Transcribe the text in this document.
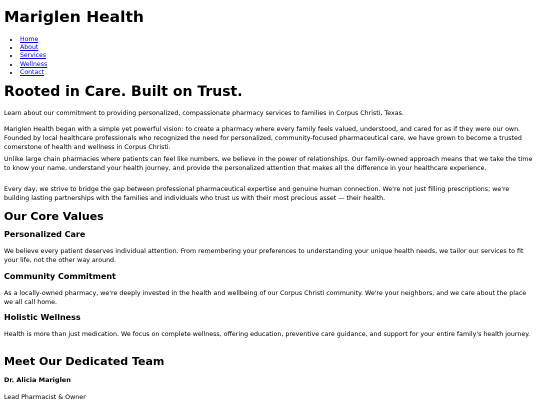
Mariglen Health
• Home
• About
• Services
• Wellness
• Contact
Rooted in Care. Built on Trust.

Learn about our commitment to providing personalized, compassionate pharmacy services to families in Corpus Christi, Texas.

Mariglen Health began with a simple yet powerful vision: to create a pharmacy where every family feels valued, understood, and cared for as if they were our own. Founded by local healthcare professionals who recognized the need for personalized, community-focused pharmaceutical care, we have grown to become a trusted cornerstone of health and wellness in Corpus Christi.

Unlike large chain pharmacies where patients can feel like numbers, we believe in the power of relationships. Our family-owned approach means that we take the time to know your name, understand your health journey, and provide the personalized attention that makes all the difference in your healthcare experience.

Every day, we strive to bridge the gap between professional pharmaceutical expertise and genuine human connection. We're not just filling prescriptions; we're building lasting partnerships with the families and individuals who trust us with their most precious asset — their health.

Our Core Values
Personalized Care

We believe every patient deserves individual attention. From remembering your preferences to understanding your unique health needs, we tailor our services to fit your life, not the other way around.

Community Commitment

As a locally-owned pharmacy, we're deeply invested in the health and wellbeing of our Corpus Christi community. We're your neighbors, and we care about the place we all call home.

Holistic Wellness

Health is more than just medication. We focus on complete wellness, offering education, preventive care guidance, and support for your entire family's health journey.

Meet Our Dedicated Team
Dr. Alicia Mariglen

Lead Pharmacist & Owner
